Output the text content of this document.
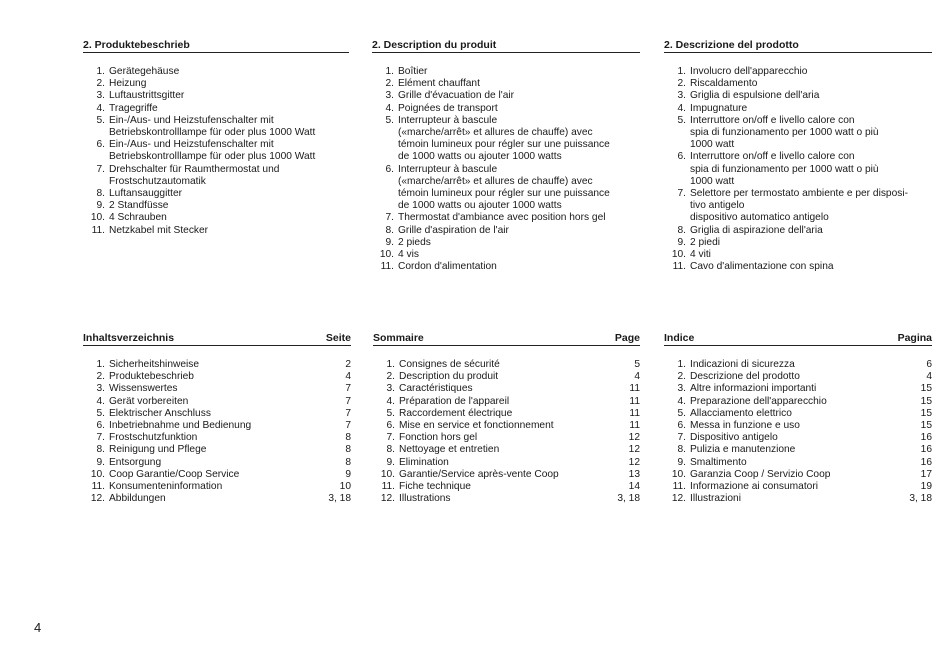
2. Produktebeschrieb
1. Gerätegehäuse
2. Heizung
3. Luftaustrittsgitter
4. Tragegriffe
5. Ein-/Aus- und Heizstufenschalter mit
Betriebskontrolllampe für oder plus 1000 Watt
6. Ein-/Aus- und Heizstufenschalter mit
Betriebskontrolllampe für oder plus 1000 Watt
7. Drehschalter für Raumthermostat und
Frostschutzautomatik
8. Luftansauggitter
9. 2 Standfüsse
10. 4 Schrauben
11. Netzkabel mit Stecker
2. Description du produit
1. Boîtier
2. Elément chauffant
3. Grille d'évacuation de l'air
4. Poignées de transport
5. Interrupteur à bascule
(«marche/arrêt» et allures de chauffe) avec
témoin lumineux pour régler sur une puissance
de 1000 watts ou ajouter 1000 watts
6. Interrupteur à bascule
(«marche/arrêt» et allures de chauffe) avec
témoin lumineux pour régler sur une puissance
de 1000 watts ou ajouter 1000 watts
7. Thermostat d'ambiance avec position hors gel
8. Grille d'aspiration de l'air
9. 2 pieds
10. 4 vis
11. Cordon d'alimentation
2. Descrizione del prodotto
1. Involucro dell'apparecchio
2. Riscaldamento
3. Griglia di espulsione dell'aria
4. Impugnature
5. Interruttore on/off e livello calore con
spia di funzionamento per 1000 watt o più
1000 watt
6. Interruttore on/off e livello calore con
spia di funzionamento per 1000 watt o più
1000 watt
7. Selettore per termostato ambiente e per disposi-
tivo antigelo
dispositivo automatico antigelo
8. Griglia di aspirazione dell'aria
9. 2 piedi
10. 4 viti
11. Cavo d'alimentazione con spina
Inhaltsverzeichnis	Seite
1. Sicherheitshinweise	2
2. Produktebeschrieb	4
3. Wissenswertes	7
4. Gerät vorbereiten	7
5. Elektrischer Anschluss	7
6. Inbetriebnahme und Bedienung	7
7. Frostschutzfunktion	8
8. Reinigung und Pflege	8
9. Entsorgung	8
10. Coop Garantie/Coop Service	9
11. Konsumenteninformation	10
12. Abbildungen	3, 18
Sommaire	Page
1. Consignes de sécurité	5
2. Description du produit	4
3. Caractéristiques	11
4. Préparation de l'appareil	11
5. Raccordement électrique	11
6. Mise en service et fonctionnement	11
7. Fonction hors gel	12
8. Nettoyage et entretien	12
9. Elimination	12
10. Garantie/Service après-vente Coop	13
11. Fiche technique	14
12. Illustrations	3, 18
Indice	Pagina
1. Indicazioni di sicurezza	6
2. Descrizione del prodotto	4
3. Altre informazioni importanti	15
4. Preparazione dell'apparecchio	15
5. Allacciamento elettrico	15
6. Messa in funzione e uso	15
7. Dispositivo antigelo	16
8. Pulizia e manutenzione	16
9. Smaltimento	16
10. Garanzia Coop / Servizio Coop	17
11. Informazione ai consumatori	19
12. Illustrazioni	3, 18
4
